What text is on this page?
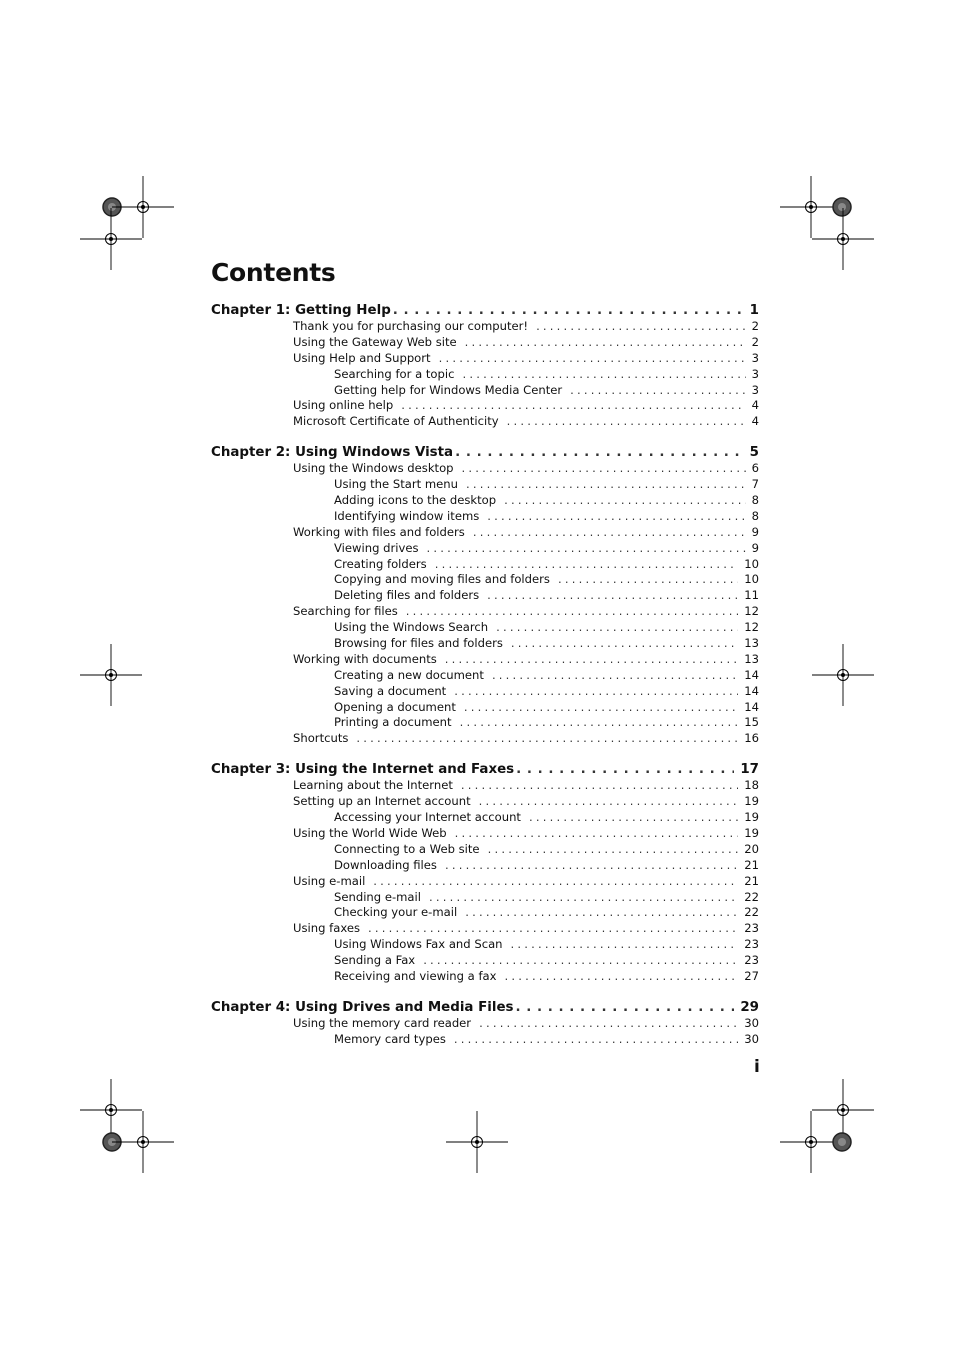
Contents
Chapter 1: Getting Help . . .	1
Thank you for purchasing our computer! . . .	2
Using the Gateway Web site . . .	2
Using Help and Support . . .	3
Searching for a topic . . .	3
Getting help for Windows Media Center . . .	3
Using online help . . .	4
Microsoft Certificate of Authenticity . . .	4
Chapter 2: Using Windows Vista . . .	5
Using the Windows desktop . . .	6
Using the Start menu . . .	7
Adding icons to the desktop . . .	8
Identifying window items . . .	8
Working with files and folders . . .	9
Viewing drives . . .	9
Creating folders . . .	10
Copying and moving files and folders . . .	10
Deleting files and folders . . .	11
Searching for files . . .	12
Using the Windows Search . . .	12
Browsing for files and folders . . .	13
Working with documents . . .	13
Creating a new document . . .	14
Saving a document . . .	14
Opening a document . . .	14
Printing a document . . .	15
Shortcuts . . .	16
Chapter 3: Using the Internet and Faxes . . .	17
Learning about the Internet . . .	18
Setting up an Internet account . . .	19
Accessing your Internet account . . .	19
Using the World Wide Web . . .	19
Connecting to a Web site . . .	20
Downloading files . . .	21
Using e-mail . . .	21
Sending e-mail . . .	22
Checking your e-mail . . .	22
Using faxes . . .	23
Using Windows Fax and Scan . . .	23
Sending a Fax . . .	23
Receiving and viewing a fax . . .	27
Chapter 4: Using Drives and Media Files . . .	29
Using the memory card reader . . .	30
Memory card types . . .	30
i
